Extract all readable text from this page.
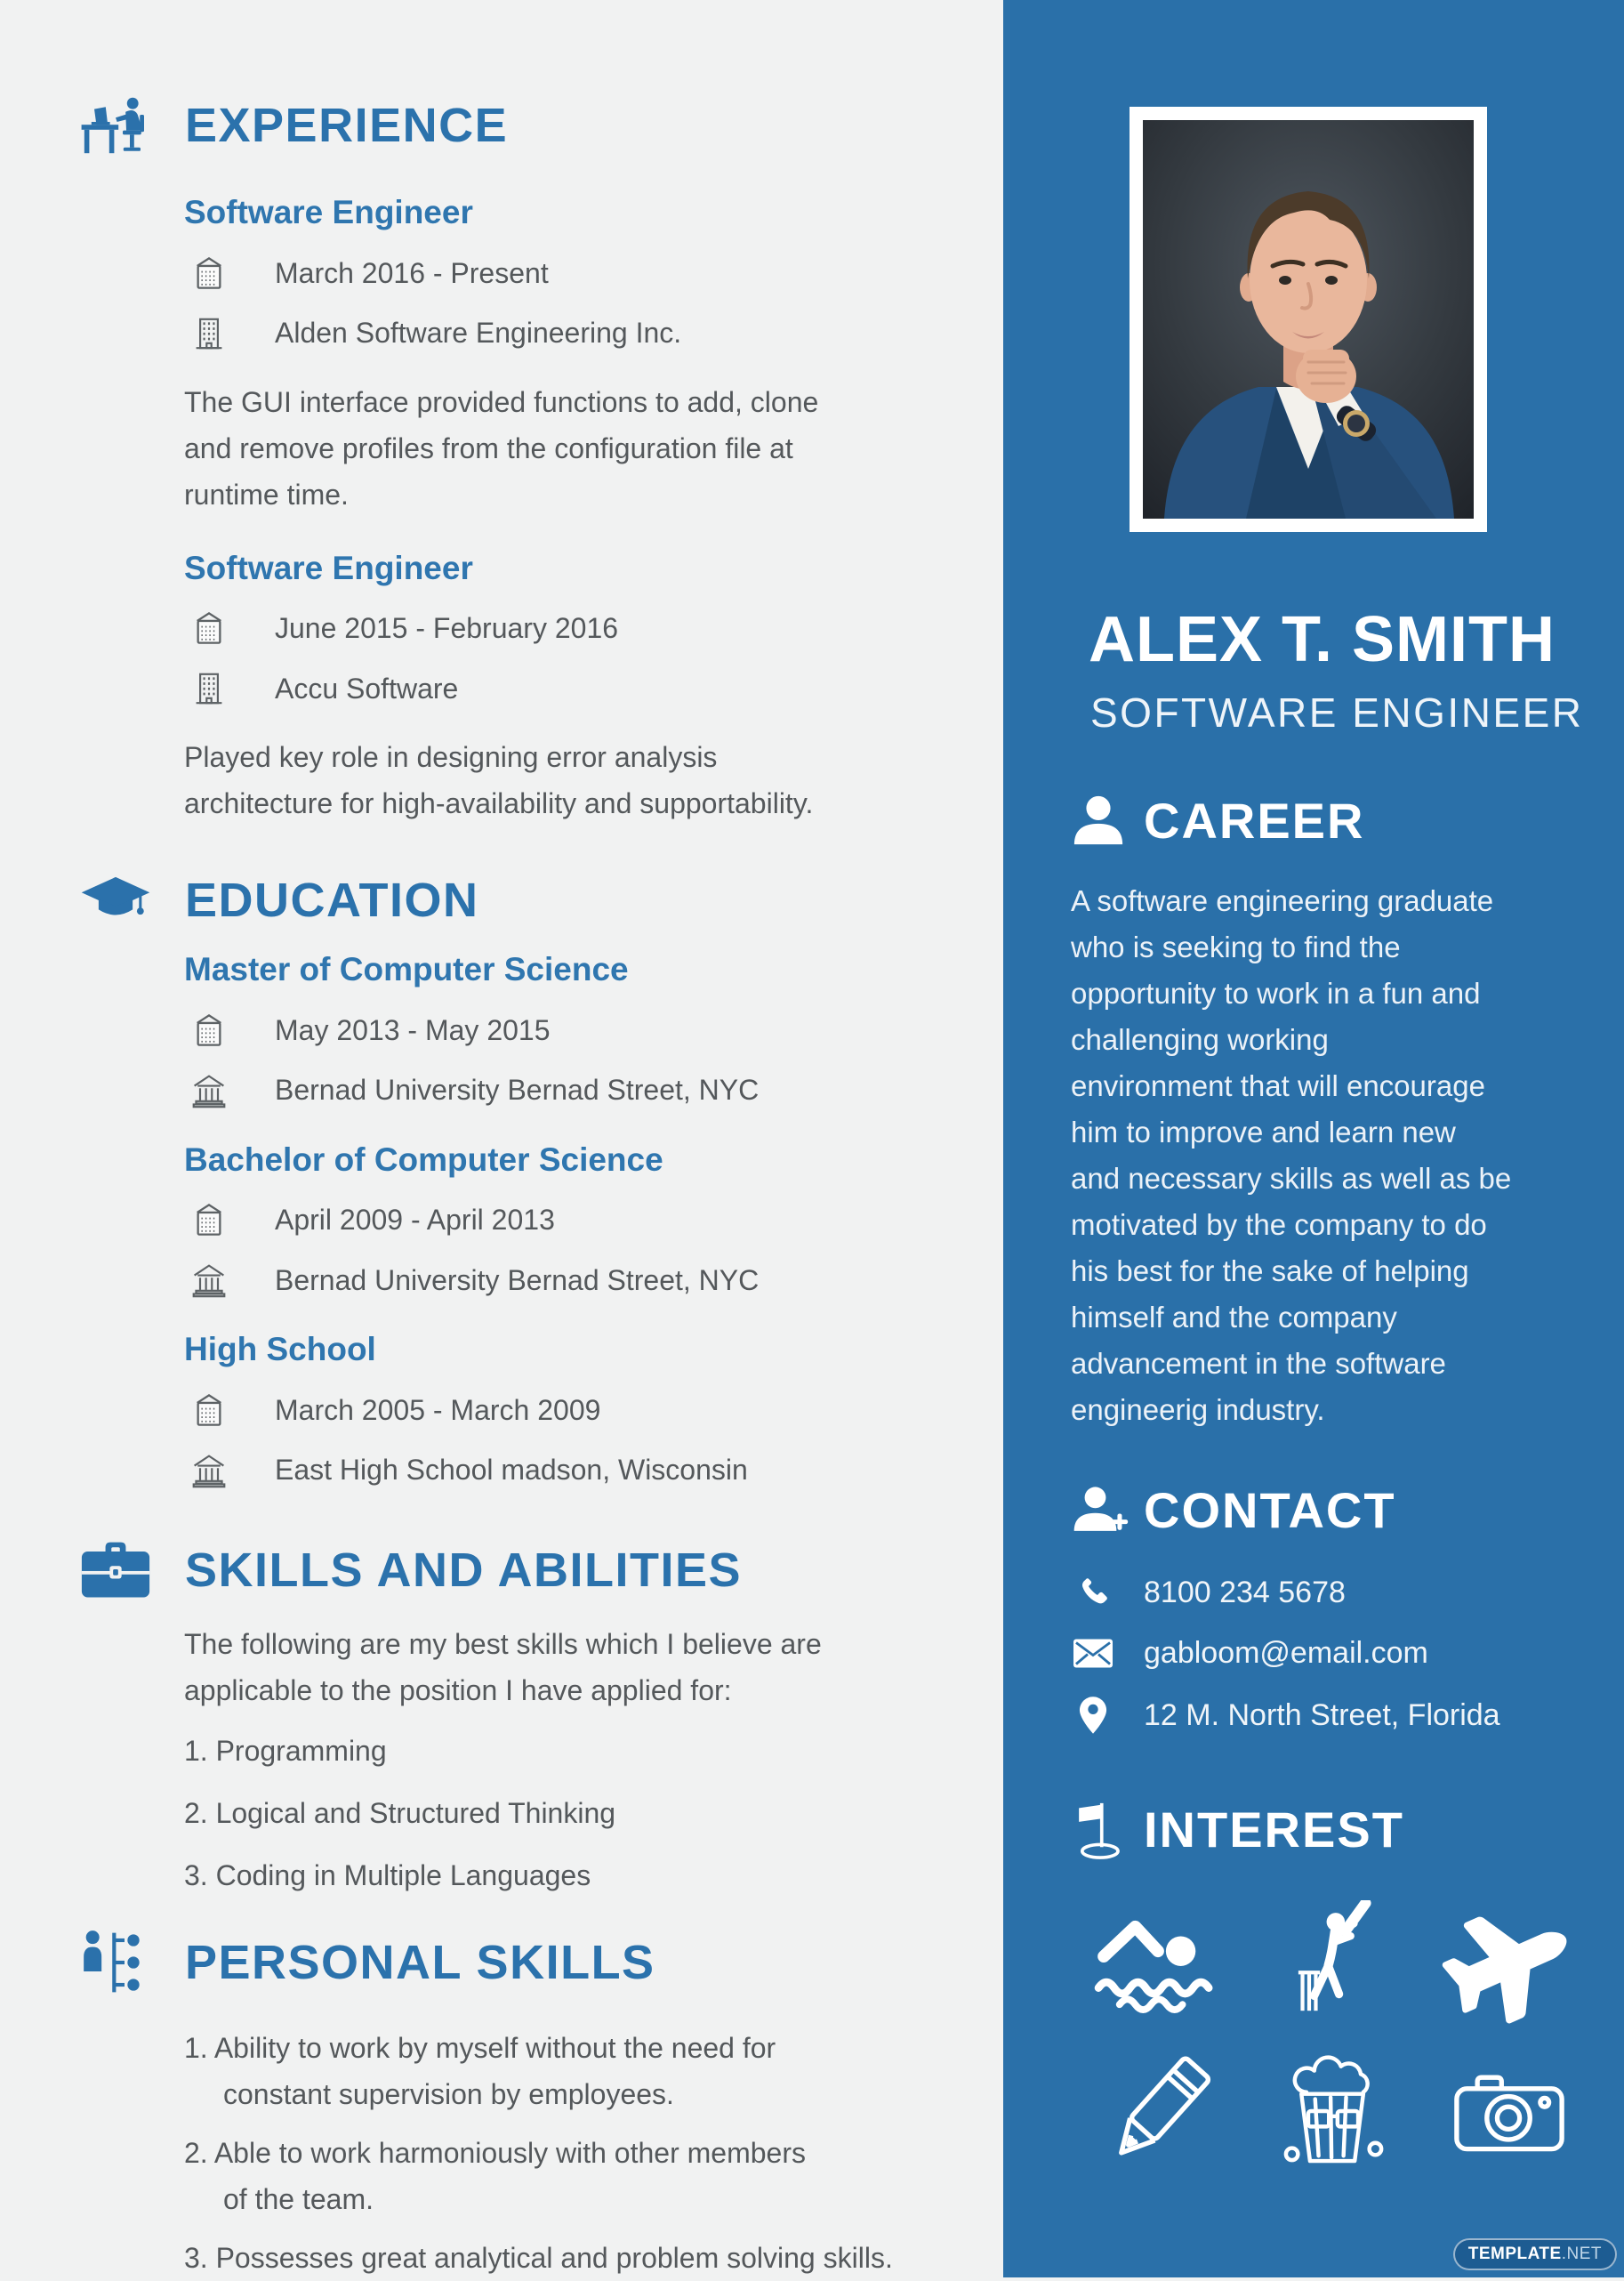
EXPERIENCE
Software Engineer
March 2016 - Present
Alden Software Engineering Inc.
The GUI interface provided functions to add, clone
and remove profiles from the configuration file at
runtime time.
Software Engineer
June 2015 - February 2016
Accu Software
Played key role in designing error analysis
architecture for high-availability and supportability.
EDUCATION
Master of Computer Science
May 2013 - May 2015
Bernad University Bernad Street, NYC
Bachelor of Computer Science
April 2009 - April 2013
Bernad University Bernad Street, NYC
High School
March 2005 - March 2009
East High School madson, Wisconsin
SKILLS AND ABILITIES
The following are my best skills which I believe are
applicable to the position I have applied for:
1. Programming
2. Logical and Structured Thinking
3. Coding in Multiple Languages
PERSONAL SKILLS
1. Ability to work by myself without the need for
constant supervision by employees.
2. Able to work harmoniously with other members
of the team.
3. Possesses great analytical and problem solving skills.
ALEX T. SMITH
SOFTWARE ENGINEER
CAREER
A software engineering graduate
who is seeking to find the
opportunity to work in a fun and
challenging working
environment that will encourage
him to improve and learn new
and necessary skills as well as be
motivated by the company to do
his best for the sake of helping
himself and the company
advancement in the software
engineerig industry.
CONTACT
8100 234 5678
gabloom@email.com
12 M. North Street, Florida
INTEREST
TEMPLATE.NET
